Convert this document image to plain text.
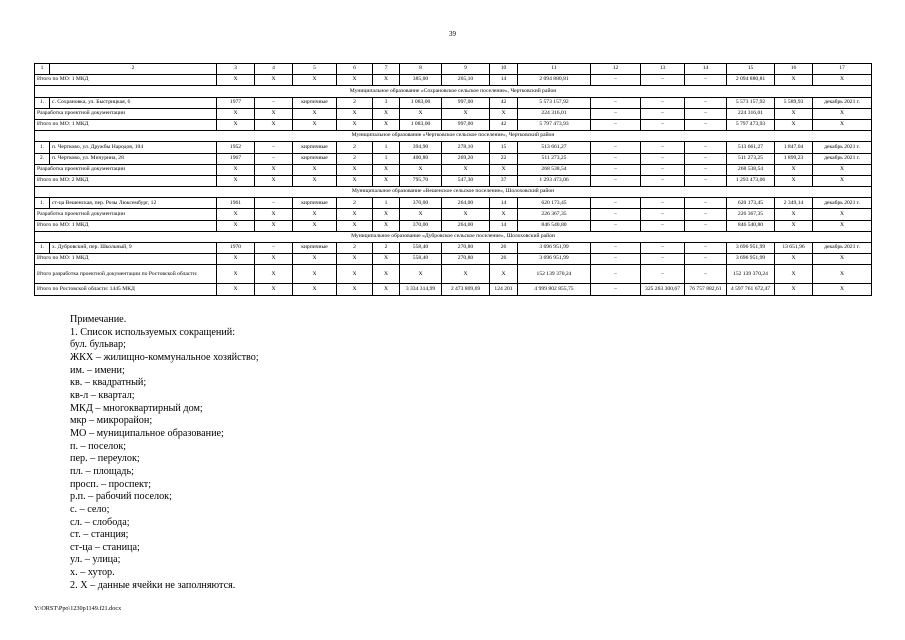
39
1	2	3	4	5	6	7	8	9	10	11	12	13	14	15	16	17
Итого по МО: 1 МКД		X	X	X	X	X	385,00	265,10	14	2 094 880,81	–	–	–	2 094 880,81	X	X
Муниципальное образование «Сохрановское сельское поселение», Чертковский район																
1.	с. Сохрановка, ул. Быстрицкая, 6	1977	–	кирпичные	2	3	1 083,00	997,00	42	5 573 157,92	–	–	–	5 573 157,92	5 589,93	декабрь 2021 г.
Разработка проектной документации		X	X	X	X	X	X	X	X	224 316,01	–	–	–	224 316,01	X	X
Итого по МО: 1 МКД		X	X	X	X	X	1 083,00	997,00	42	5 797 473,93	–	–	–	5 797 473,93	X	X
Муниципальное образование «Чертковское сельское поселение», Чертковский район																
1.	п. Чертково, ул. Дружбы Народов, 104	1952	–	кирпичные	2	1	394,90	278,10	15	513 661,27	–	–	–	513 661,27	1 847,04	декабрь 2021 г.
2.	п. Чертково, ул. Мичурина, 28	1967	–	кирпичные	2	1	400,80	269,20	22	511 273,25	–	–	–	511 273,25	1 899,23	декабрь 2021 г.
Разработка проектной документации		X	X	X	X	X	X	X	X	268 538,54	–	–	–	268 538,54	X	X
Итого по МО: 2 МКД		X	X	X	X	X	795,70	547,30	37	1 293 473,06	–	–	–	1 293 473,06	X	X
Муниципальное образование «Вешенское сельское поселение», Шолоховский район																
1.	ст-ца Вешенская, пер. Розы Люксембург, 12	1961	–	кирпичные	2	1	370,00	264,00	14	620 173,45	–	–	–	620 173,45	2 349,14	декабрь 2021 г.
Разработка проектной документации		X	X	X	X	X	X	X	X	226 367,35	–	–	–	226 367,35	X	X
Итого по МО: 1 МКД		X	X	X	X	X	370,00	264,00	14	846 540,80	–	–	–	846 540,80	X	X
Муниципальное образование «Дубровское сельское поселение», Шолоховский район																
1.	х. Дубровский, пер. Школьный, 9	1970	–	кирпичные	2	2	558,40	270,80	26	3 696 951,99	–	–	–	3 696 951,99	13 651,96	декабрь 2021 г.
Итого по МО: 1 МКД		X	X	X	X	X	558,40	270,80	26	3 696 951,99	–	–	–	3 696 951,99	X	X
Итого разработка проектной документации по Ростовской области:		X	X	X	X	X	X	X	X	152 139 370,24	–	–	–	152 139 370,24	X	X
Итого по Ростовской области: 1445 МКД		X	X	X	X	X	3 334 314,99	2 473 809,69	124 201	4 999 802 855,75	–	325 263 300,67	76 757 882,61	4 597 761 672,47	X	X
Примечание.
1. Список используемых сокращений:
бул. бульвар;
ЖКХ – жилищно-коммунальное хозяйство;
им. – имени;
кв. – квадратный;
кв-л – квартал;
МКД – многоквартирный дом;
мкр – микрорайон;
МО – муниципальное образование;
п. – поселок;
пер. – переулок;
пл. – площадь;
просп. – проспект;
р.п. – рабочий поселок;
с. – село;
сл. – слобода;
ст. – станция;
ст-ца – станица;
ул. – улица;
х. – хутор.
2. Х – данные ячейки не заполняются.
Y:\ORST\Ppo\1230p1149.f21.docx
